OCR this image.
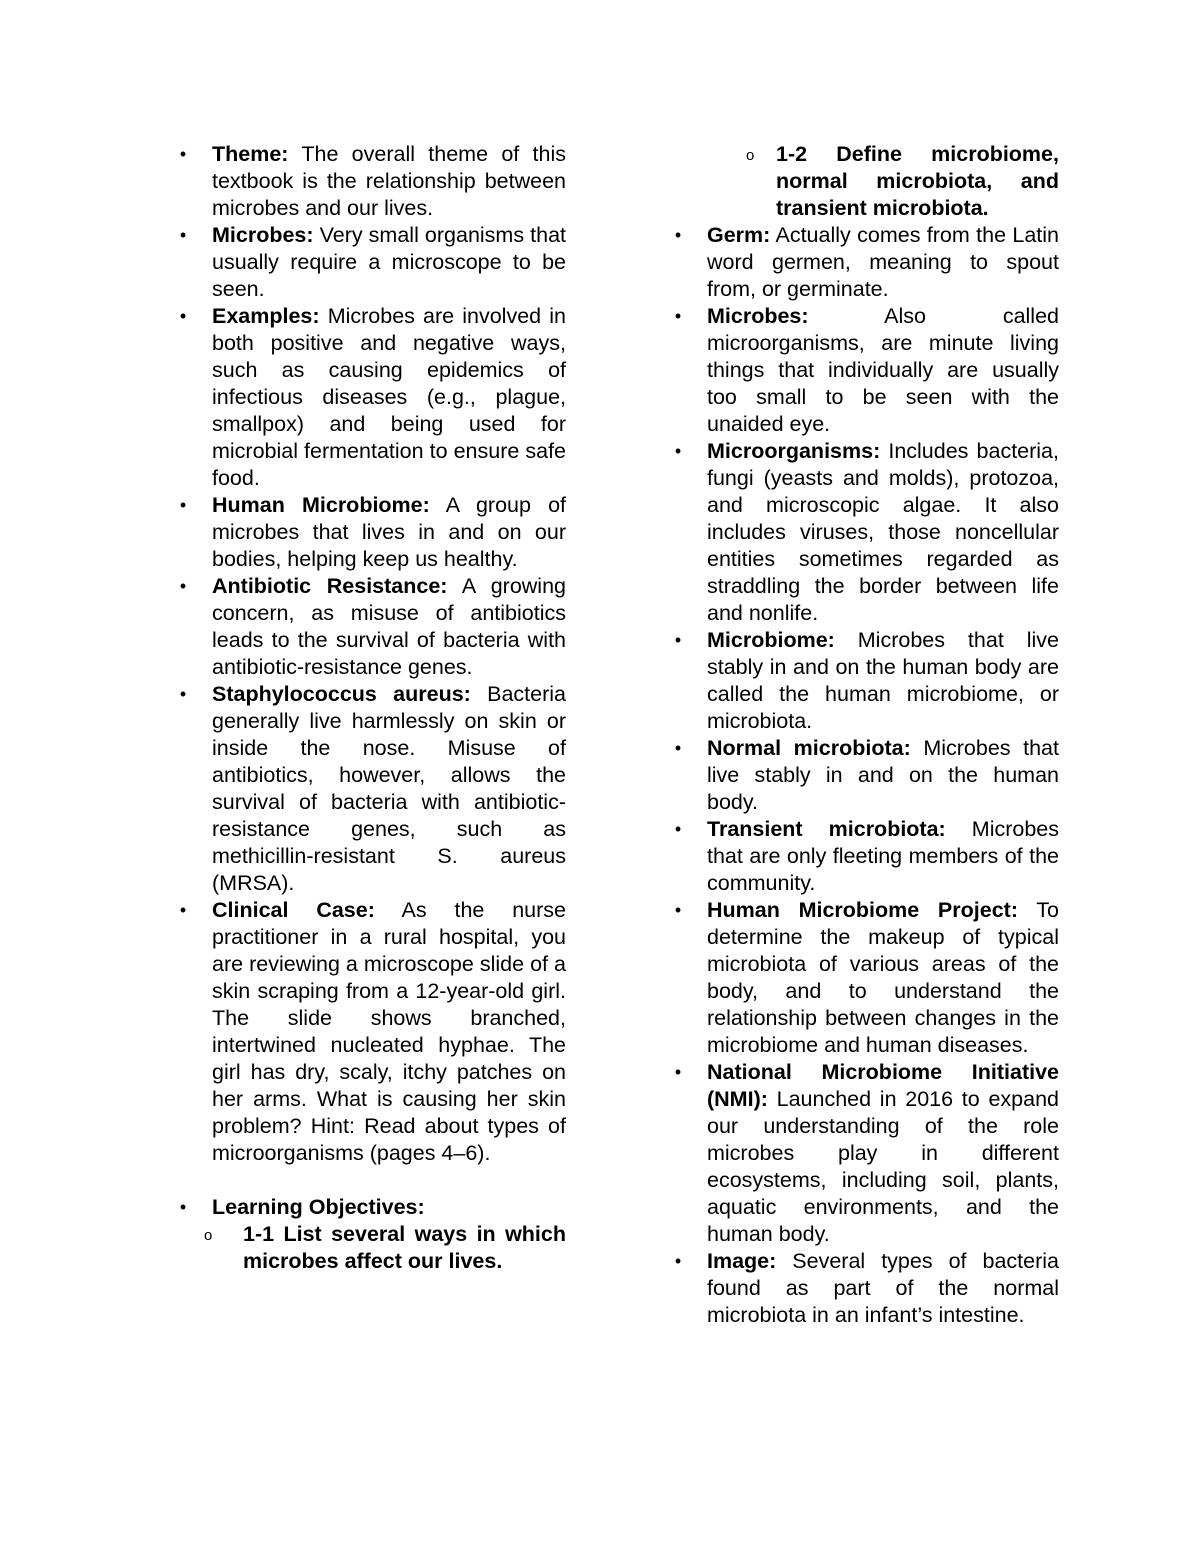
•	Theme: The overall theme of this textbook is the relationship between microbes and our lives.
•	Microbes: Very small organisms that usually require a microscope to be seen.
•	Examples: Microbes are involved in both positive and negative ways, such as causing epidemics of infectious diseases (e.g., plague, smallpox) and being used for microbial fermentation to ensure safe food.
•	Human Microbiome: A group of microbes that lives in and on our bodies, helping keep us healthy.
•	Antibiotic Resistance: A growing concern, as misuse of antibiotics leads to the survival of bacteria with antibiotic-resistance genes.
•	Staphylococcus aureus: Bacteria generally live harmlessly on skin or inside the nose. Misuse of antibiotics, however, allows the survival of bacteria with antibiotic-resistance genes, such as methicillin-resistant S. aureus (MRSA).
•	Clinical Case: As the nurse practitioner in a rural hospital, you are reviewing a microscope slide of a skin scraping from a 12-year-old girl. The slide shows branched, intertwined nucleated hyphae. The girl has dry, scaly, itchy patches on her arms. What is causing her skin problem? Hint: Read about types of microorganisms (pages 4–6).
•	Learning Objectives:
o 1-1 List several ways in which microbes affect our lives.
o 1-2 Define microbiome, normal microbiota, and transient microbiota.
•	Germ: Actually comes from the Latin word germen, meaning to spout from, or germinate.
•	Microbes: Also called microorganisms, are minute living things that individually are usually too small to be seen with the unaided eye.
•	Microorganisms: Includes bacteria, fungi (yeasts and molds), protozoa, and microscopic algae. It also includes viruses, those noncellular entities sometimes regarded as straddling the border between life and nonlife.
•	Microbiome: Microbes that live stably in and on the human body are called the human microbiome, or microbiota.
•	Normal microbiota: Microbes that live stably in and on the human body.
•	Transient microbiota: Microbes that are only fleeting members of the community.
•	Human Microbiome Project: To determine the makeup of typical microbiota of various areas of the body, and to understand the relationship between changes in the microbiome and human diseases.
•	National Microbiome Initiative (NMI): Launched in 2016 to expand our understanding of the role microbes play in different ecosystems, including soil, plants, aquatic environments, and the human body.
•	Image: Several types of bacteria found as part of the normal microbiota in an infant’s intestine.
